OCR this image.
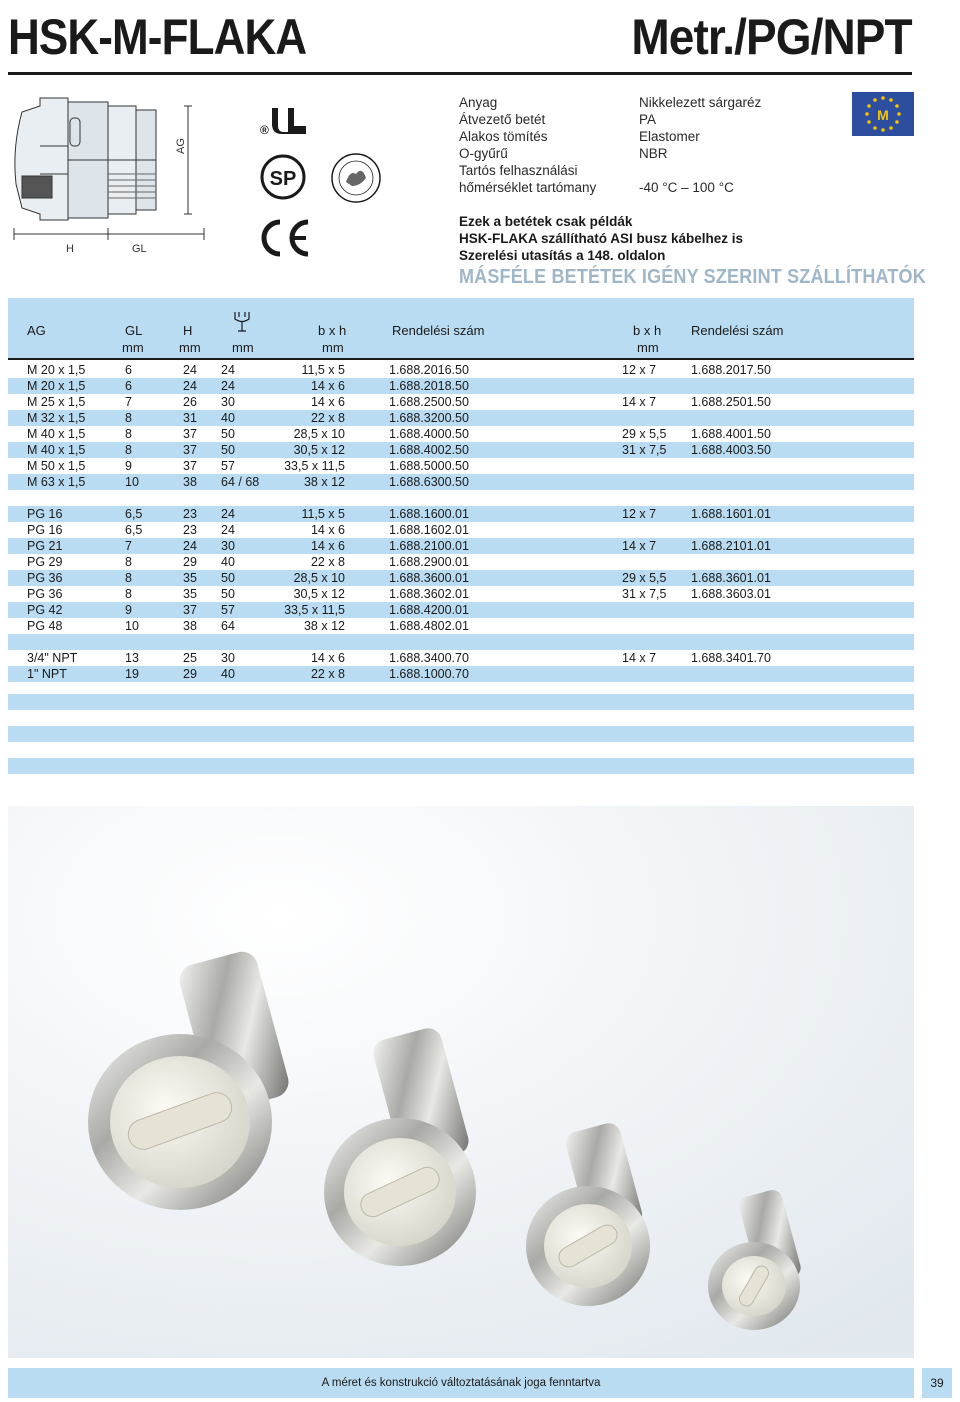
HSK-M-FLAKA	Metr./PG/NPT
AG
H	GL
®
SP
Anyag	Nikkelezett sárgaréz
Átvezető betét	PA
Alakos tömítés	Elastomer
O-gyűrű	NBR
Tartós felhasználási
hőmérséklet tartómany	-40 °C – 100 °C
M
Ezek a betétek csak példák
HSK-FLAKA szállítható ASI busz kábelhez is
Szerelési utasítás a 148. oldalon
MÁSFÉLE BETÉTEK IGÉNY SZERINT SZÁLLÍTHATÓK
AG	GL	H	b x h	Rendelési szám	b x h Rendelési szám
mm	mm mm	mm	mm
M 20 x 1,5	6	24 24	11,5 x 5	1.688.2016.50	12 x 7	1.688.2017.50
M 20 x 1,5	6	24 24	14 x 6	1.688.2018.50
M 25 x 1,5	7	26 30	14 x 6	1.688.2500.50	14 x 7	1.688.2501.50
M 32 x 1,5	8	31 40	22 x 8	1.688.3200.50
M 40 x 1,5	8	37 50	28,5 x 10	1.688.4000.50	29 x 5,5 1.688.4001.50
M 40 x 1,5	8	37 50	30,5 x 12	1.688.4002.50	31 x 7,5 1.688.4003.50
M 50 x 1,5	9	37 57	33,5 x 11,5	1.688.5000.50
M 63 x 1,5	10	38 64 / 68	38 x 12	1.688.6300.50
PG 16	6,5	23 24	11,5 x 5	1.688.1600.01	12 x 7	1.688.1601.01
PG 16	6,5	23 24	14 x 6	1.688.1602.01
PG 21	7	24 30	14 x 6	1.688.2100.01	14 x 7	1.688.2101.01
PG 29	8	29 40	22 x 8	1.688.2900.01
PG 36	8	35 50	28,5 x 10	1.688.3600.01	29 x 5,5 1.688.3601.01
PG 36	8	35 50	30,5 x 12	1.688.3602.01	31 x 7,5 1.688.3603.01
PG 42	9	37 57	33,5 x 11,5	1.688.4200.01
PG 48	10	38 64	38 x 12	1.688.4802.01
3/4" NPT	13	25 30	14 x 6	1.688.3400.70	14 x 7	1.688.3401.70
1" NPT	19	29 40	22 x 8	1.688.1000.70
A méret és konstrukció változtatásának joga fenntartva	39
